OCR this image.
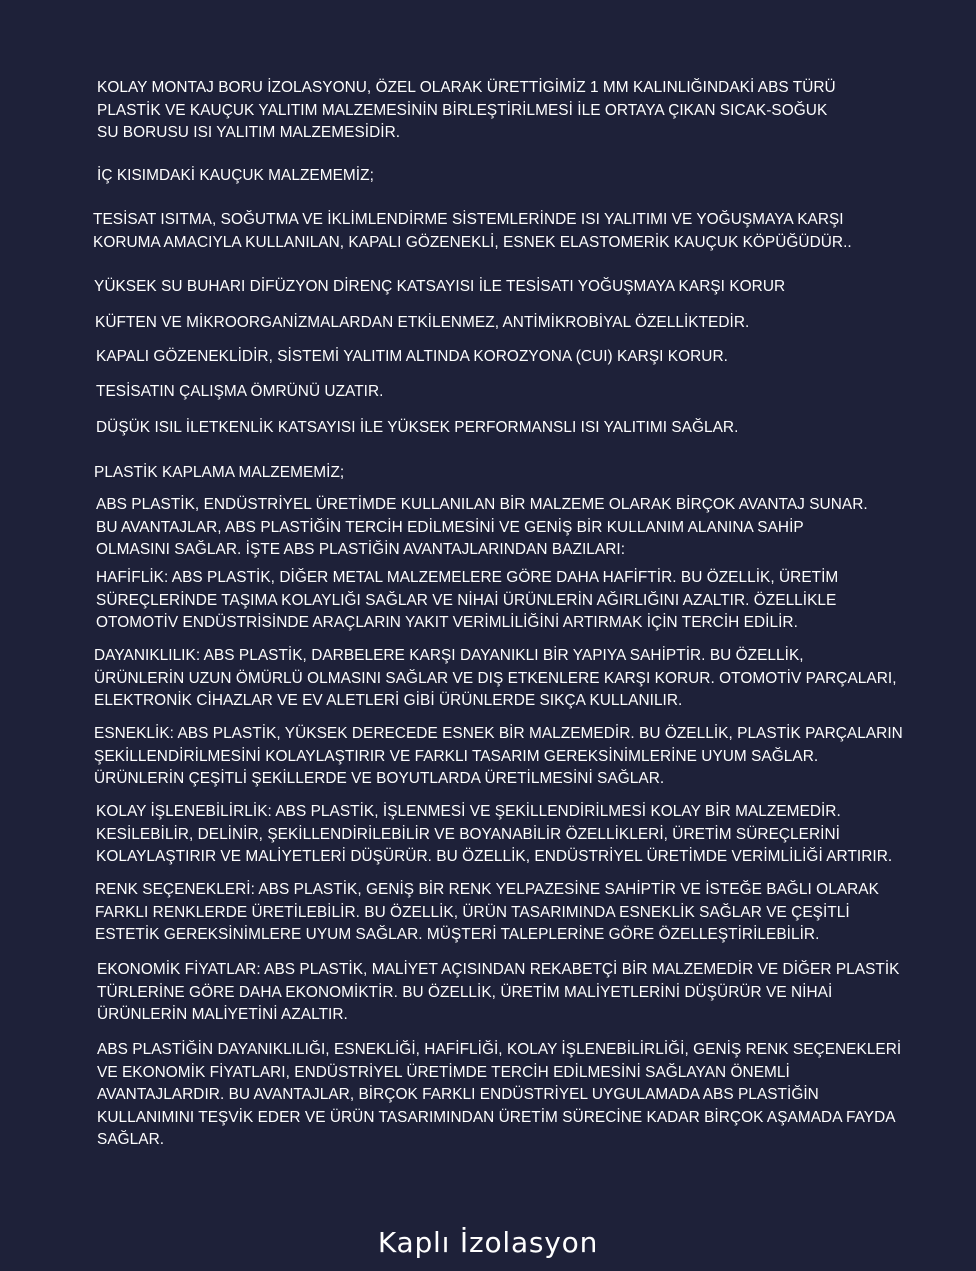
KOLAY MONTAJ BORU İZOLASYONU, ÖZEL OLARAK ÜRETTİGİMİZ 1 MM KALINLIĞINDAKİ ABS TÜRÜ
PLASTİK VE KAUÇUK YALITIM MALZEMESİNİN BİRLEŞTİRİLMESİ İLE ORTAYA ÇIKAN SICAK-SOĞUK
SU BORUSU ISI YALITIM MALZEMESİDİR.

İÇ KISIMDAKİ KAUÇUK MALZEMEMİZ;

TESİSAT ISITMA, SOĞUTMA VE İKLİMLENDİRME SİSTEMLERİNDE ISI YALITIMI VE YOĞUŞMAYA KARŞI
KORUMA AMACIYLA KULLANILAN, KAPALI GÖZENEKLİ, ESNEK ELASTOMERİK KAUÇUK KÖPÜĞÜDÜR..

YÜKSEK SU BUHARI DİFÜZYON DİRENÇ KATSAYISI İLE TESİSATI YOĞUŞMAYA KARŞI KORUR

KÜFTEN VE MİKROORGANİZMALARDAN ETKİLENMEZ, ANTİMİKROBİYAL ÖZELLİKTEDİR.

KAPALI GÖZENEKLİDİR, SİSTEMİ YALITIM ALTINDA KOROZYONA (CUI) KARŞI KORUR.

TESİSATIN ÇALIŞMA ÖMRÜNÜ UZATIR.

DÜŞÜK ISIL İLETKENLİK KATSAYISI İLE YÜKSEK PERFORMANSLI ISI YALITIMI SAĞLAR.

PLASTİK KAPLAMA MALZEMEMİZ;

ABS PLASTİK, ENDÜSTRİYEL ÜRETİMDE KULLANILAN BİR MALZEME OLARAK BİRÇOK AVANTAJ SUNAR.
BU AVANTAJLAR, ABS PLASTİĞİN TERCİH EDİLMESİNİ VE GENİŞ BİR KULLANIM ALANINA SAHİP
OLMASINI SAĞLAR. İŞTE ABS PLASTİĞİN AVANTAJLARINDAN BAZILARI:

HAFİFLİK: ABS PLASTİK, DİĞER METAL MALZEMELERE GÖRE DAHA HAFİFTİR. BU ÖZELLİK, ÜRETİM
SÜREÇLERİNDE TAŞIMA KOLAYLIĞI SAĞLAR VE NİHAİ ÜRÜNLERİN AĞIRLIĞINI AZALTIR. ÖZELLİKLE
OTOMOTİV ENDÜSTRİSİNDE ARAÇLARIN YAKIT VERİMLİLİĞİNİ ARTIRMAK İÇİN TERCİH EDİLİR.

DAYANIKLILIK: ABS PLASTİK, DARBELERE KARŞI DAYANIKLI BİR YAPIYA SAHİPTİR. BU ÖZELLİK,
ÜRÜNLERİN UZUN ÖMÜRLÜ OLMASINI SAĞLAR VE DIŞ ETKENLERE KARŞI KORUR. OTOMOTİV PARÇALARI,
ELEKTRONİK CİHAZLAR VE EV ALETLERİ GİBİ ÜRÜNLERDE SIKÇA KULLANILIR.

ESNEKLİK: ABS PLASTİK, YÜKSEK DERECEDE ESNEK BİR MALZEMEDİR. BU ÖZELLİK, PLASTİK PARÇALARIN
ŞEKİLLENDİRİLMESİNİ KOLAYLAŞTIRIR VE FARKLI TASARIM GEREKSİNİMLERİNE UYUM SAĞLAR.
ÜRÜNLERİN ÇEŞİTLİ ŞEKİLLERDE VE BOYUTLARDA ÜRETİLMESİNİ SAĞLAR.

KOLAY İŞLENEBİLİRLİK: ABS PLASTİK, İŞLENMESİ VE ŞEKİLLENDİRİLMESİ KOLAY BİR MALZEMEDİR.
KESİLEBİLİR, DELİNİR, ŞEKİLLENDİRİLEBİLİR VE BOYANABİLİR ÖZELLİKLERİ, ÜRETİM SÜREÇLERİNİ
KOLAYLAŞTIRIR VE MALİYETLERİ DÜŞÜRÜR. BU ÖZELLİK, ENDÜSTRİYEL ÜRETİMDE VERİMLİLİĞİ ARTIRIR.

RENK SEÇENEKLERİ: ABS PLASTİK, GENİŞ BİR RENK YELPAZESİNE SAHİPTİR VE İSTEĞE BAĞLI OLARAK
FARKLI RENKLERDE ÜRETİLEBİLİR. BU ÖZELLİK, ÜRÜN TASARIMINDA ESNEKLİK SAĞLAR VE ÇEŞİTLİ
ESTETİK GEREKSİNİMLERE UYUM SAĞLAR. MÜŞTERİ TALEPLERİNE GÖRE ÖZELLEŞTİRİLEBİLİR.

EKONOMİK FİYATLAR: ABS PLASTİK, MALİYET AÇISINDAN REKABETÇİ BİR MALZEMEDİR VE DİĞER PLASTİK
TÜRLERİNE GÖRE DAHA EKONOMİKTİR. BU ÖZELLİK, ÜRETİM MALİYETLERİNİ DÜŞÜRÜR VE NİHAİ
ÜRÜNLERİN MALİYETİNİ AZALTIR.

ABS PLASTİĞİN DAYANIKLILIĞI, ESNEKLİĞİ, HAFİFLİĞİ, KOLAY İŞLENEBİLİRLİĞİ, GENİŞ RENK SEÇENEKLERİ
VE EKONOMİK FİYATLARI, ENDÜSTRİYEL ÜRETİMDE TERCİH EDİLMESİNİ SAĞLAYAN ÖNEMLİ
AVANTAJLARDIR. BU AVANTAJLAR, BİRÇOK FARKLI ENDÜSTRİYEL UYGULAMADA ABS PLASTİĞİN
KULLANIMINI TEŞVİK EDER VE ÜRÜN TASARIMINDAN ÜRETİM SÜRECİNE KADAR BİRÇOK AŞAMADA FAYDA
SAĞLAR.

Kaplı İzolasyon
